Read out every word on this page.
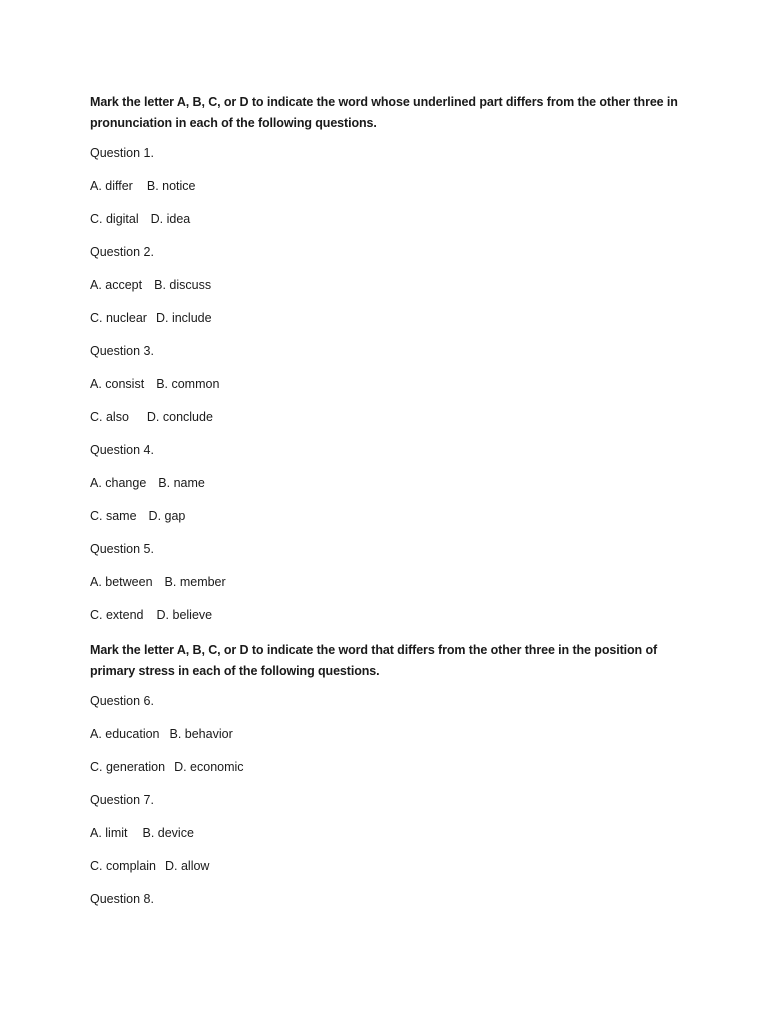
Mark the letter A, B, C, or D to indicate the word whose underlined part differs from the other three in pronunciation in each of the following questions.

Question 1.
A. differ B. notice
C. digital D. idea
Question 2.
A. accept B. discuss
C. nuclear D. include
Question 3.
A. consist B. common
C. also D. conclude
Question 4.
A. change B. name
C. same D. gap
Question 5.
A. between B. member
C. extend D. believe

Mark the letter A, B, C, or D to indicate the word that differs from the other three in the position of primary stress in each of the following questions.

Question 6.
A. education B. behavior
C. generation D. economic
Question 7.
A. limit B. device
C. complain D. allow
Question 8.
